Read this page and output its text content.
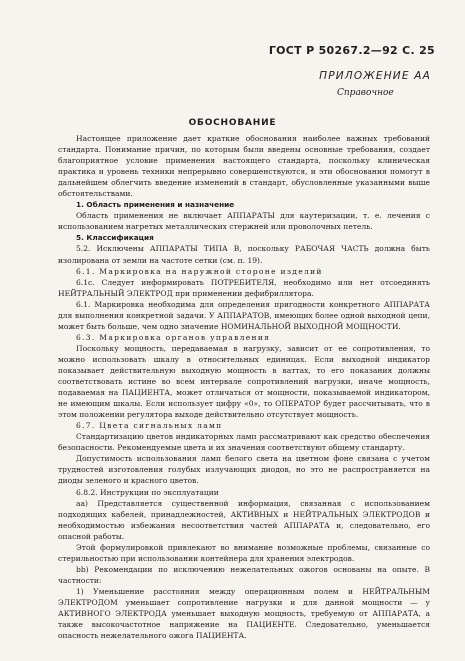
ГОСТ Р 50267.2—92 С. 25
ПРИЛОЖЕНИЕ АА
Справочное
ОБОСНОВАНИЕ

Настоящее приложение дает краткие обоснования наиболее важных требований стандарта. Понимание причин, по которым были введены основные требования, создает благоприятное условие применения настоящего стандарта, поскольку клиническая практика и уровень техники непрерывно совершенствуются, и эти обоснования помогут в дальнейшем облегчить введение изменений в стандарт, обусловленные указанными выше обстоятельствами.

1. Область применения и назначение

Область применения не включает АППАРАТЫ для каутеризации, т. е. лечения с использованием нагретых металлических стержней или проволочных петель.

5. Классификация

5.2. Исключены АППАРАТЫ ТИПА В, поскольку РАБОЧАЯ ЧАСТЬ должна быть изолирована от земли на частоте сетки (см. п. 19).

6.1. Маркировка на наружной стороне изделий

6.1с. Следует информировать ПОТРЕБИТЕЛЯ, необходимо или нет отсоединять НЕЙТРАЛЬНЫЙ ЭЛЕКТРОД при применении дефибриллятора.

6.1. Маркировка необходима для определения пригодности конкретного АППАРАТА для выполнения конкретной задачи. У АППАРАТОВ, имеющих более одной выходной цепи, может быть больше, чем одно значение НОМИНАЛЬНОЙ ВЫХОДНОЙ МОЩНОСТИ.

6.3. Маркировка органов управления

Поскольку мощность, передаваемая в нагрузку, зависит от ее сопротивления, то можно использовать шкалу в относительных единицах. Если выходной индикатор показывает действительную выходную мощность в ваттах, то его показания должны соответствовать истине во всем интервале сопротивлений нагрузки, иначе мощность, подаваемая на ПАЦИЕНТА, может отличаться от мощности, показываемой индикатором, не имеющим шкалы. Если использует цифру «0», то ОПЕРАТОР будет рассчитывать, что в этом положении регулятора выходе действительно отсутствует мощность.

6.7. Цвета сигнальных ламп

Стандартизацию цветов индикаторных ламп рассматривают как средство обеспечения безопасности. Рекомендуемые цвета и их значения соответствуют общему стандарту.

Допустимость использования ламп белого света на цветном фоне связана с учетом трудностей изготовления голубых излучающих диодов, но это не распространяется на диоды зеленого и красного цветов.

6.8.2. Инструкции по эксплуатации

аа) Представляется существенной информация, связанная с использованием подходящих кабелей, принадлежностей, АКТИВНЫХ и НЕЙТРАЛЬНЫХ ЭЛЕКТРОДОВ и необходимостью избежания несоответствия частей АППАРАТА и, следовательно, его опасной работы.

Этой формулировкой привлекают во внимание возможные проблемы, связанные со стерильностью при использовании контейнера для хранения электродов.

bb) Рекомендации по исключению нежелательных ожогов основаны на опыте. В частности:

1) Уменьшение расстояния между операционным полем и НЕЙТРАЛЬНЫМ ЭЛЕКТРОДОМ уменьшает сопротивление нагрузки и для данной мощности — у АКТИВНОГО ЭЛЕКТРОДА уменьшает выходную мощность, требуемую от АППАРАТА, а также высокочастотное напряжение на ПАЦИЕНТЕ. Следовательно, уменьшается опасность нежелательного ожога ПАЦИЕНТА.
